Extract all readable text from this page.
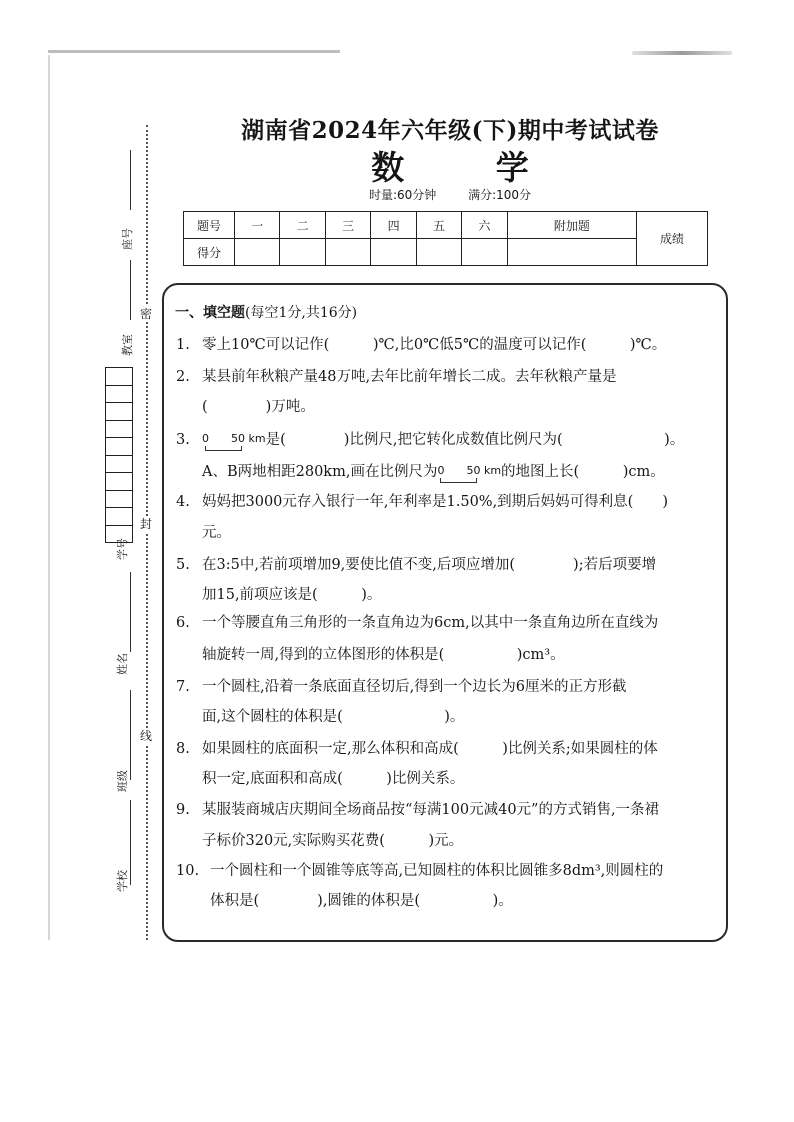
密
封
线
座号
教室
学号
姓名
班级
学校
湖南省2024年六年级(下)期中考试试卷
数 学
时量:60分钟	满分:100分
题号	一	二	三	四	五	六	附加题	成绩
得分								
一、填空题(每空1分,共16分)
1. 零上10℃可以记作(　　　)℃,比0℃低5℃的温度可以记作(　　　)℃。
2. 某县前年秋粮产量48万吨,去年比前年增长二成。去年秋粮产量是
(　　　　)万吨。
3. 0　　50 km
是(　　　　)比例尺,把它转化成数值比例尺为(　　　　　　　)。
A、B两地相距280km,画在比例尺为0　　50 km
的地图上长(　　　)cm。
4. 妈妈把3000元存入银行一年,年利率是1.50%,到期后妈妈可得利息(　　)
元。
5. 在3:5中,若前项增加9,要使比值不变,后项应增加(　　　　);若后项要增
加15,前项应该是(　　　)。
6. 一个等腰直角三角形的一条直角边为6cm,以其中一条直角边所在直线为
轴旋转一周,得到的立体图形的体积是(　　　　　)cm³。
7. 一个圆柱,沿着一条底面直径切后,得到一个边长为6厘米的正方形截
面,这个圆柱的体积是(　　　　　　　)。
8. 如果圆柱的底面积一定,那么体积和高成(　　　)比例关系;如果圆柱的体
积一定,底面积和高成(　　　)比例关系。
9. 某服装商城店庆期间全场商品按“每满100元减40元”的方式销售,一条裙
子标价320元,实际购买花费(　　　)元。
10. 一个圆柱和一个圆锥等底等高,已知圆柱的体积比圆锥多8dm³,则圆柱的
体积是(　　　　),圆锥的体积是(　　　　　)。
